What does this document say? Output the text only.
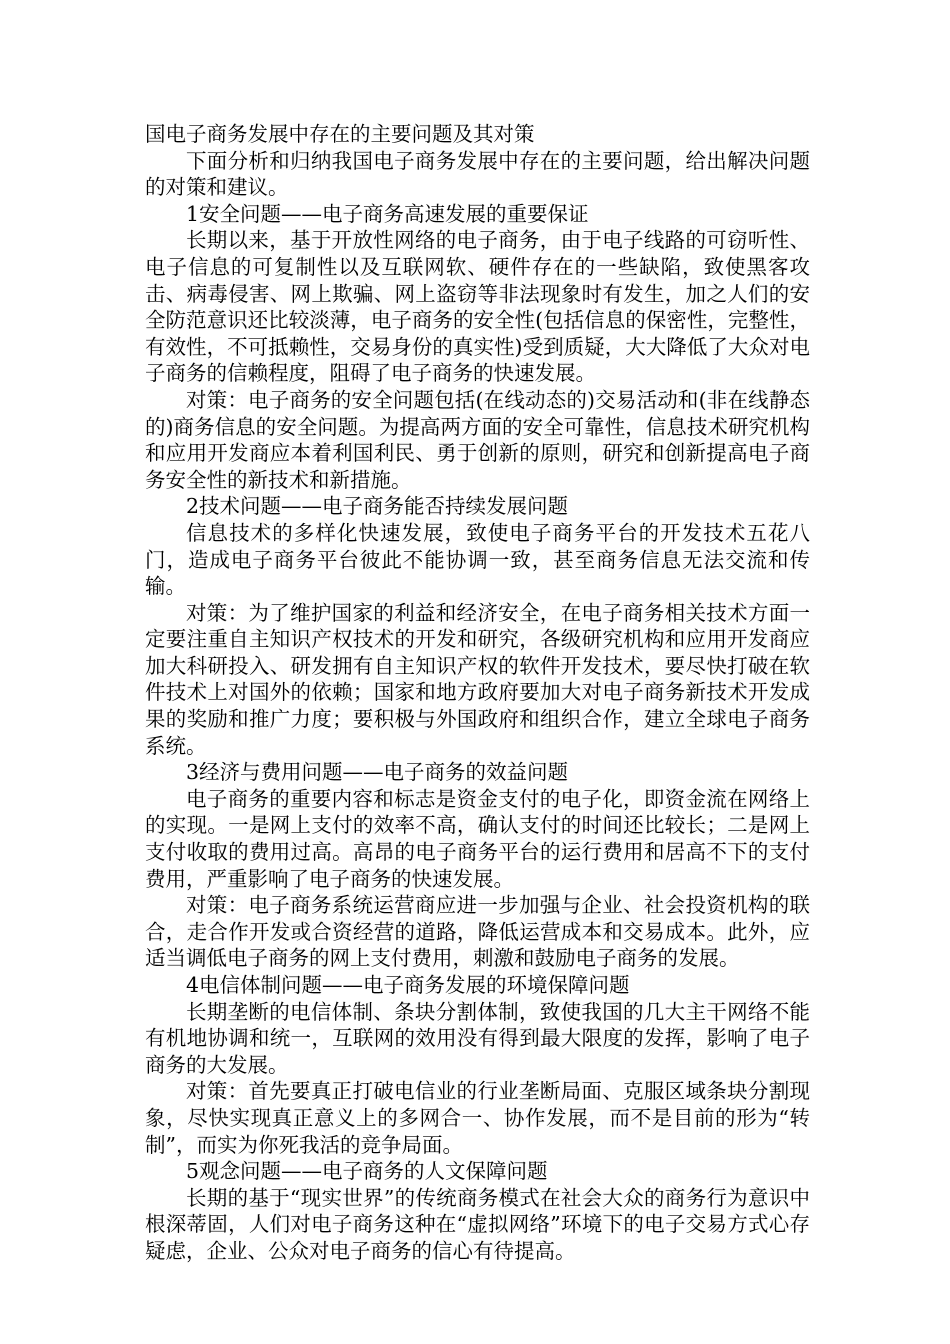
国电子商务发展中存在的主要问题及其对策

下面分析和归纳我国电子商务发展中存在的主要问题，给出解决问题的对策和建议。

1安全问题——电子商务高速发展的重要保证

长期以来，基于开放性网络的电子商务，由于电子线路的可窃听性、电子信息的可复制性以及互联网软、硬件存在的一些缺陷，致使黑客攻击、病毒侵害、网上欺骗、网上盗窃等非法现象时有发生，加之人们的安全防范意识还比较淡薄，电子商务的安全性(包括信息的保密性，完整性，有效性，不可抵赖性，交易身份的真实性)受到质疑，大大降低了大众对电子商务的信赖程度，阻碍了电子商务的快速发展。

对策：电子商务的安全问题包括(在线动态的)交易活动和(非在线静态的)商务信息的安全问题。为提高两方面的安全可靠性，信息技术研究机构和应用开发商应本着利国利民、勇于创新的原则，研究和创新提高电子商务安全性的新技术和新措施。

2技术问题——电子商务能否持续发展问题

信息技术的多样化快速发展，致使电子商务平台的开发技术五花八门，造成电子商务平台彼此不能协调一致，甚至商务信息无法交流和传输。

对策：为了维护国家的利益和经济安全，在电子商务相关技术方面一定要注重自主知识产权技术的开发和研究，各级研究机构和应用开发商应加大科研投入、研发拥有自主知识产权的软件开发技术，要尽快打破在软件技术上对国外的依赖；国家和地方政府要加大对电子商务新技术开发成果的奖励和推广力度；要积极与外国政府和组织合作，建立全球电子商务系统。

3经济与费用问题——电子商务的效益问题

电子商务的重要内容和标志是资金支付的电子化，即资金流在网络上的实现。一是网上支付的效率不高，确认支付的时间还比较长；二是网上支付收取的费用过高。高昂的电子商务平台的运行费用和居高不下的支付费用，严重影响了电子商务的快速发展。

对策：电子商务系统运营商应进一步加强与企业、社会投资机构的联合，走合作开发或合资经营的道路，降低运营成本和交易成本。此外，应适当调低电子商务的网上支付费用，刺激和鼓励电子商务的发展。

4电信体制问题——电子商务发展的环境保障问题

长期垄断的电信体制、条块分割体制，致使我国的几大主干网络不能有机地协调和统一，互联网的效用没有得到最大限度的发挥，影响了电子商务的大发展。

对策：首先要真正打破电信业的行业垄断局面、克服区域条块分割现象，尽快实现真正意义上的多网合一、协作发展，而不是目前的形为“转制”，而实为你死我活的竞争局面。

5观念问题——电子商务的人文保障问题

长期的基于“现实世界”的传统商务模式在社会大众的商务行为意识中根深蒂固，人们对电子商务这种在“虚拟网络”环境下的电子交易方式心存疑虑，企业、公众对电子商务的信心有待提高。
